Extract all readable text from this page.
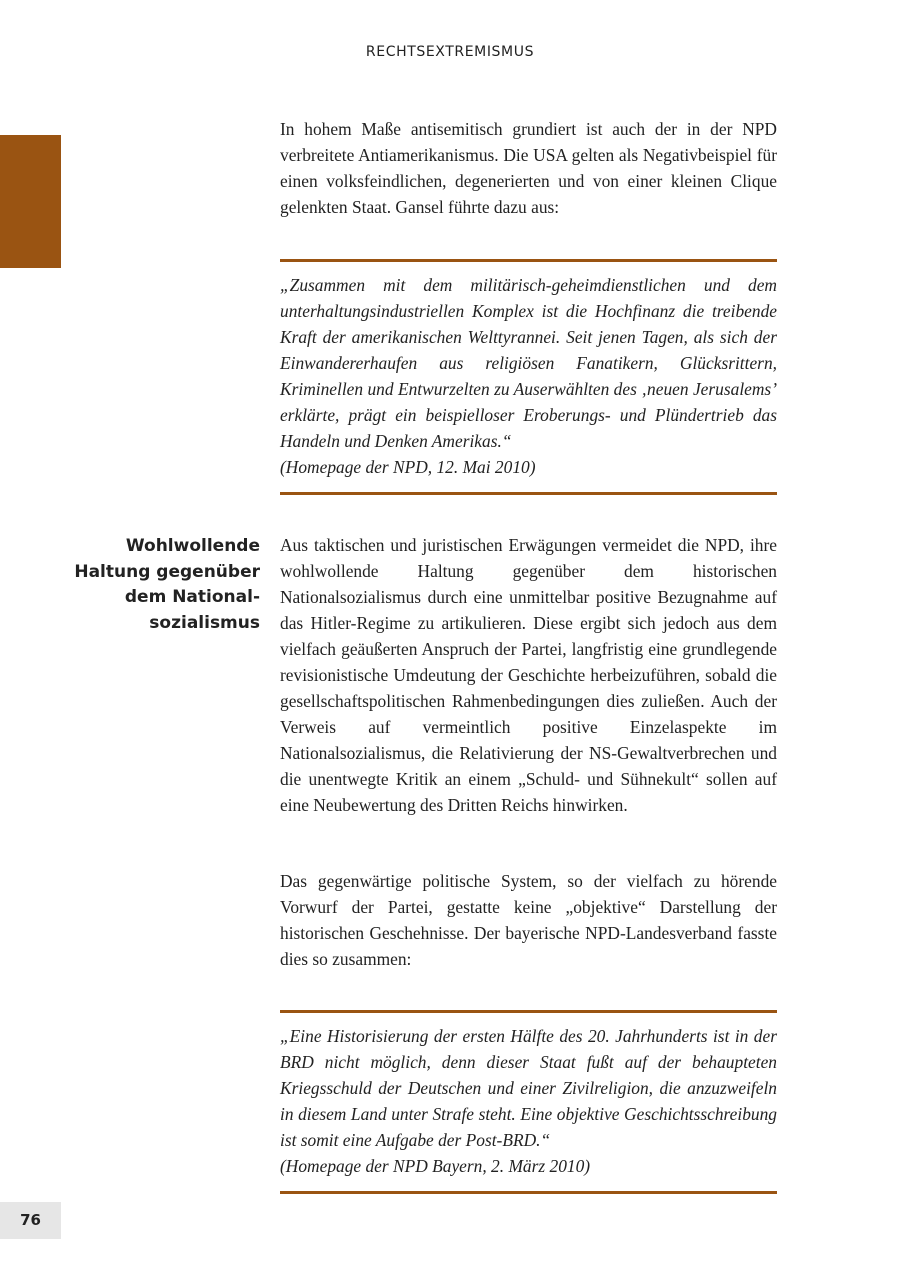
RECHTSEXTREMISMUS

In hohem Maße antisemitisch grundiert ist auch der in der NPD verbreitete Antiamerikanismus. Die USA gelten als Negativbeispiel für einen volksfeindlichen, degenerierten und von einer kleinen Clique gelenkten Staat. Gansel führte dazu aus:

„Zusammen mit dem militärisch-geheimdienstlichen und dem unterhaltungsindustriellen Komplex ist die Hochfinanz die treibende Kraft der amerikanischen Welttyrannei. Seit jenen Tagen, als sich der Einwandererhaufen aus religiösen Fanatikern, Glücksrittern, Kriminellen und Entwurzelten zu Auserwählten des ‚neuen Jerusalems’ erklärte, prägt ein beispielloser Eroberungs- und Plündertrieb das Handeln und Denken Amerikas.“

(Homepage der NPD, 12. Mai 2010)

Wohlwollende
Haltung gegenüber
dem National-
sozialismus

Aus taktischen und juristischen Erwägungen vermeidet die NPD, ihre wohlwollende Haltung gegenüber dem historischen Nationalsozialismus durch eine unmittelbar positive Bezugnahme auf das Hitler-Regime zu artikulieren. Diese ergibt sich jedoch aus dem vielfach geäußerten Anspruch der Partei, langfristig eine grundlegende revisionistische Umdeutung der Geschichte herbeizuführen, sobald die gesellschaftspolitischen Rahmenbedingungen dies zuließen. Auch der Verweis auf vermeintlich positive Einzelaspekte im Nationalsozialismus, die Relativierung der NS-Gewaltverbrechen und die unentwegte Kritik an einem „Schuld- und Sühnekult“ sollen auf eine Neubewertung des Dritten Reichs hinwirken.

Das gegenwärtige politische System, so der vielfach zu hörende Vorwurf der Partei, gestatte keine „objektive“ Darstellung der historischen Geschehnisse. Der bayerische NPD-Landesverband fasste dies so zusammen:

„Eine Historisierung der ersten Hälfte des 20. Jahrhunderts ist in der BRD nicht möglich, denn dieser Staat fußt auf der behaupteten Kriegsschuld der Deutschen und einer Zivilreligion, die anzuzweifeln in diesem Land unter Strafe steht. Eine objektive Geschichtsschreibung ist somit eine Aufgabe der Post-BRD.“

(Homepage der NPD Bayern, 2. März 2010)

76
